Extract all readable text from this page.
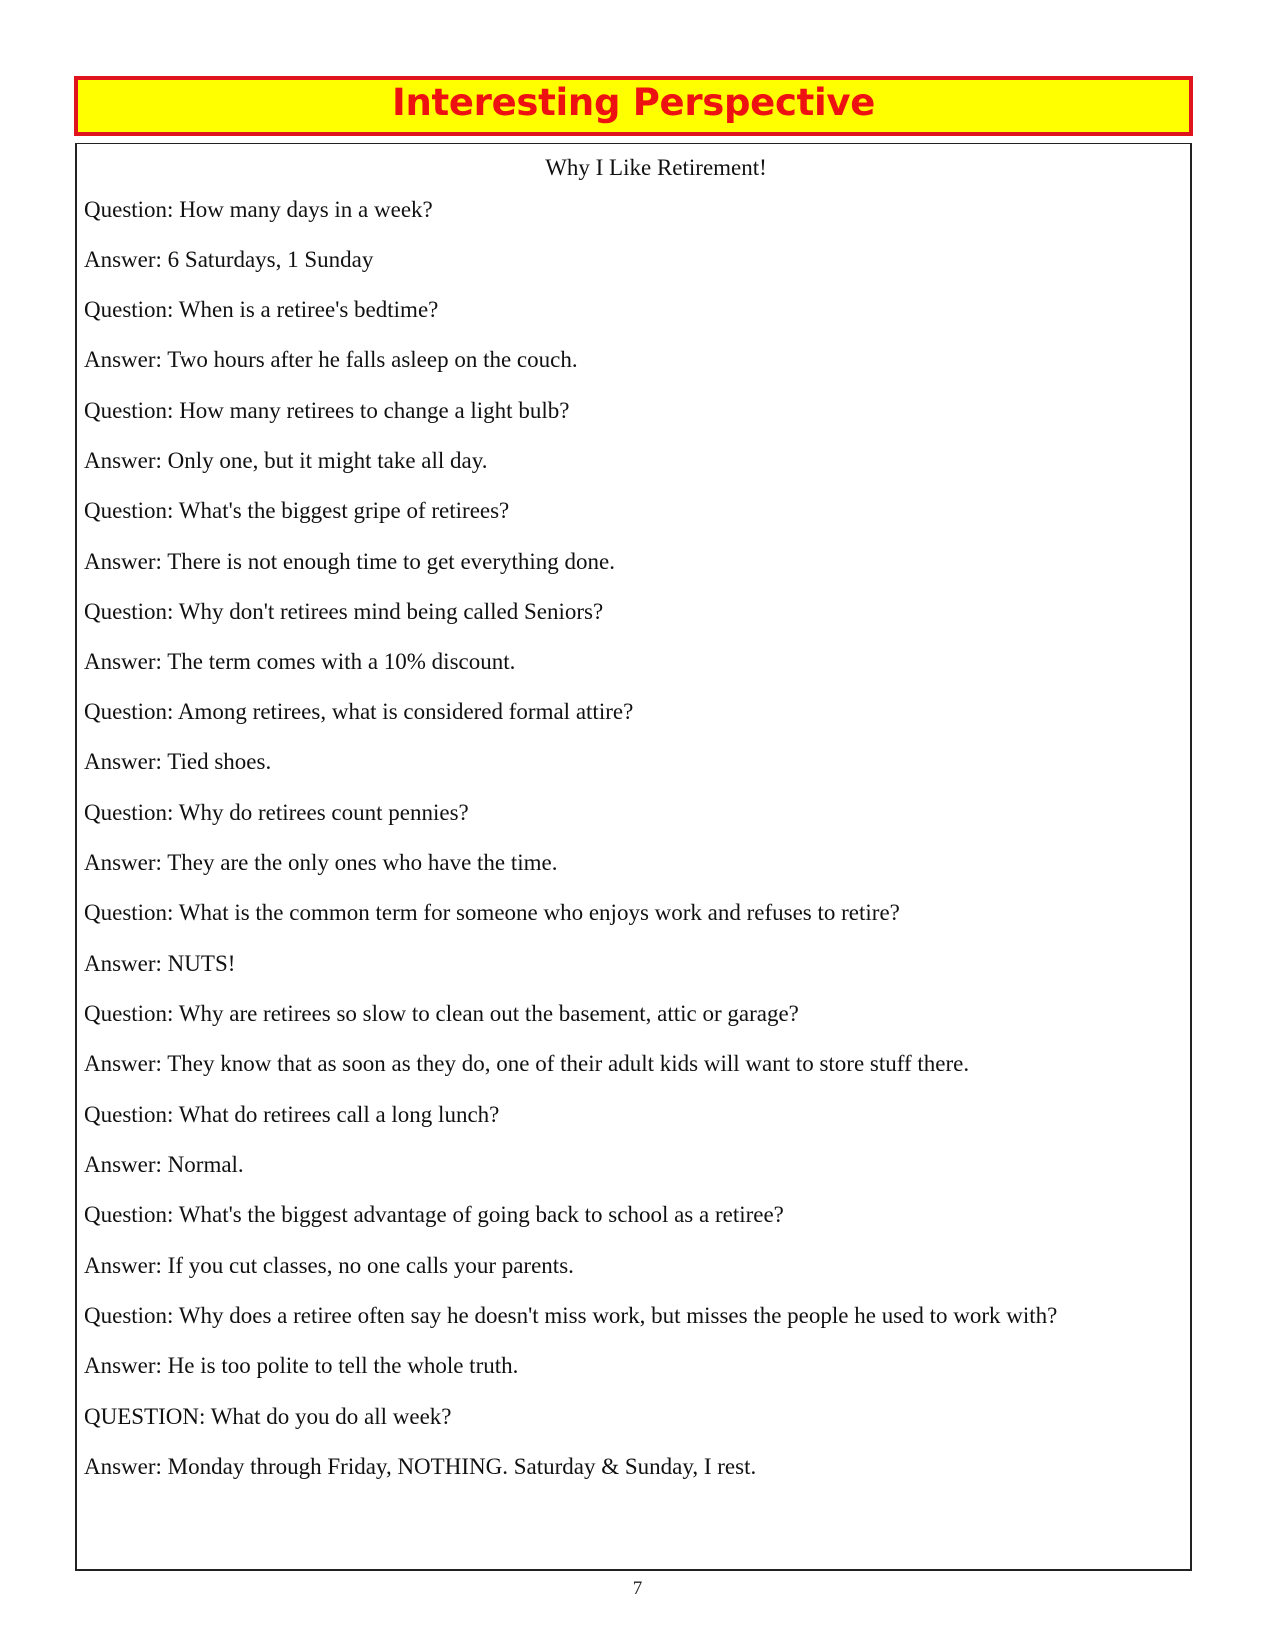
Interesting Perspective
Why I Like Retirement!
Question: How many days in a week?
Answer: 6 Saturdays, 1 Sunday
Question: When is a retiree's bedtime?
Answer: Two hours after he falls asleep on the couch.
Question: How many retirees to change a light bulb?
Answer: Only one, but it might take all day.
Question: What's the biggest gripe of retirees?
Answer: There is not enough time to get everything done.
Question: Why don't retirees mind being called Seniors?
Answer: The term comes with a 10% discount.
Question: Among retirees, what is considered formal attire?
Answer: Tied shoes.
Question: Why do retirees count pennies?
Answer: They are the only ones who have the time.
Question: What is the common term for someone who enjoys work and refuses to retire?
Answer: NUTS!
Question: Why are retirees so slow to clean out the basement, attic or garage?
Answer: They know that as soon as they do, one of their adult kids will want to store stuff there.
Question: What do retirees call a long lunch?
Answer: Normal.
Question: What's the biggest advantage of going back to school as a retiree?
Answer: If you cut classes, no one calls your parents.
Question: Why does a retiree often say he doesn't miss work, but misses the people he used to work with?
Answer: He is too polite to tell the whole truth.
QUESTION: What do you do all week?
Answer: Monday through Friday, NOTHING. Saturday & Sunday, I rest.
7
